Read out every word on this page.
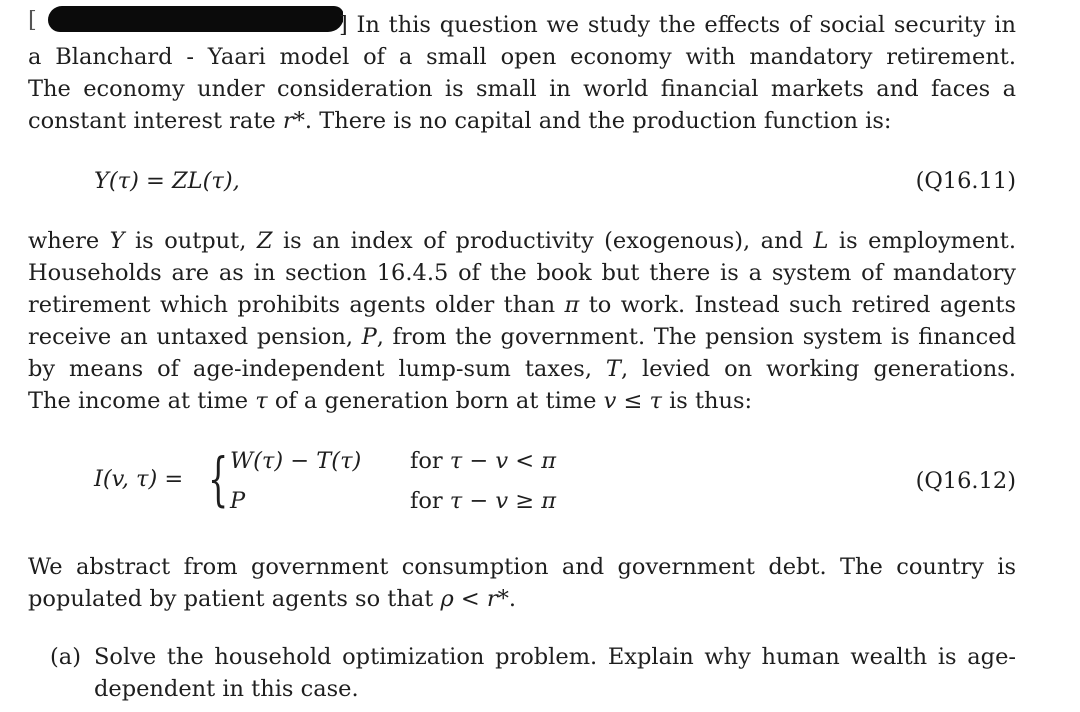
[	] In this question we study the effects of social security in
a Blanchard - Yaari model of a small open economy with mandatory retirement.
The economy under consideration is small in world financial markets and faces a
constant interest rate r*. There is no capital and the production function is:
Y(τ) = ZL(τ),	(Q16.11)
where Y is output, Z is an index of productivity (exogenous), and L is employment.
Households are as in section 16.4.5 of the book but there is a system of mandatory
retirement which prohibits agents older than π to work. Instead such retired agents
receive an untaxed pension, P, from the government. The pension system is financed
by means of age-independent lump-sum taxes, T, levied on working generations.
The income at time τ of a generation born at time v ≤ τ is thus:
I(v, τ) = { W(τ) − T(τ) for τ − v < π
P	for τ − v ≥ π
(Q16.12)
We abstract from government consumption and government debt. The country is
populated by patient agents so that ρ < r*.
(a) Solve the household optimization problem. Explain why human wealth is age-
dependent in this case.
